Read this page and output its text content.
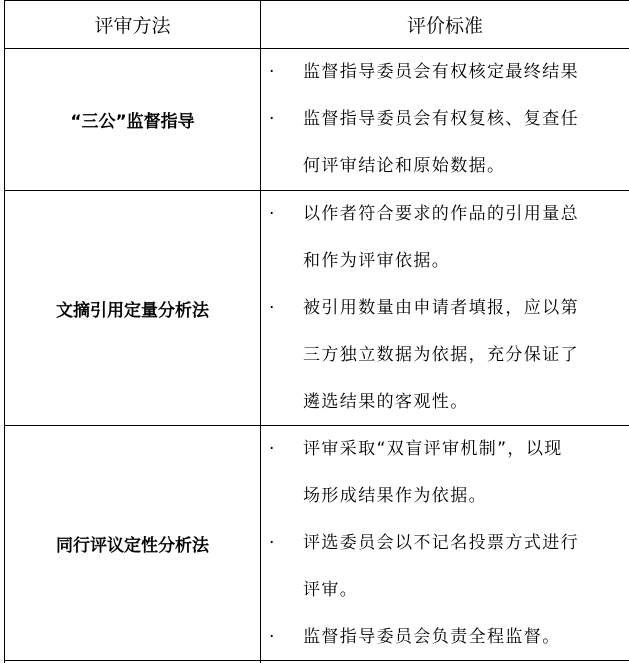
评审方法	评价标准
“三公”监督指导
· 监督指导委员会有权核定最终结果
· 监督指导委员会有权复核、复查任
何评审结论和原始数据。
文摘引用定量分析法
· 以作者符合要求的作品的引用量总
和作为评审依据。
· 被引用数量由申请者填报，应以第
三方独立数据为依据，充分保证了
遴选结果的客观性。
同行评议定性分析法
· 评审采取“双盲评审机制”，以现
场形成结果作为依据。
· 评选委员会以不记名投票方式进行
评审。
· 监督指导委员会负责全程监督。
